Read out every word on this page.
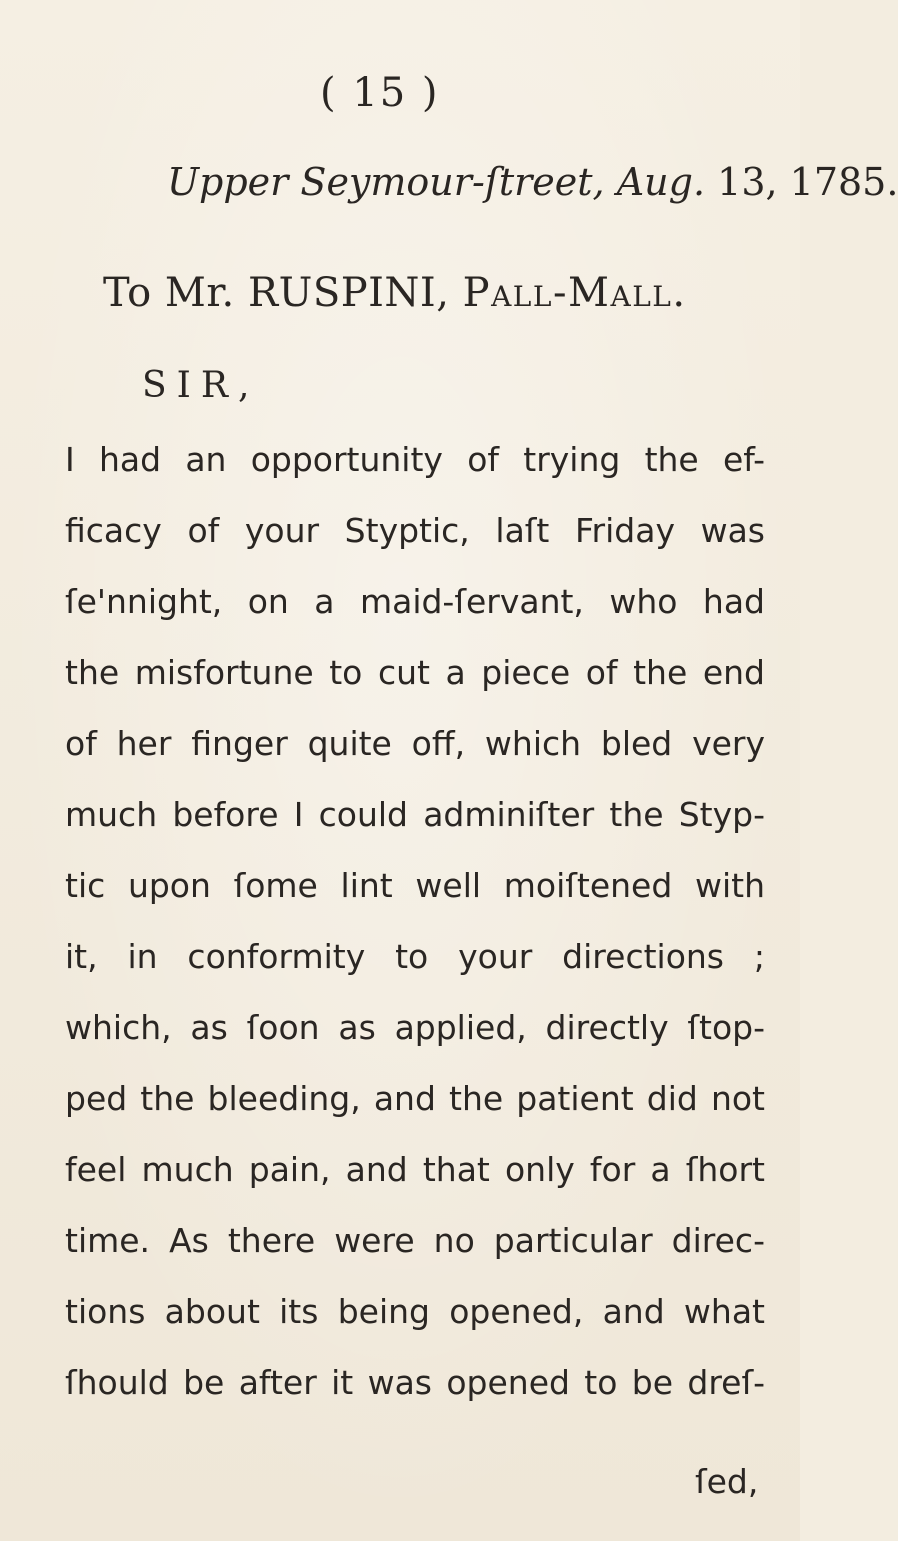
( 15 )
Upper Seymour-ſtreet, Aug. 13, 1785.
To Mr. RUSPINI, Pall-Mall.
SIR,
I had an opportunity of trying the ef-
ficacy of your Styptic, laſt Friday was
ſe'nnight, on a maid-ſervant, who had
the misfortune to cut a piece of the end
of her finger quite off, which bled very
much before I could adminiſter the Styp-
tic upon ſome lint well moiſtened with
it, in conformity to your directions ;
which, as ſoon as applied, directly ſtop-
ped the bleeding, and the patient did not
feel much pain, and that only for a ſhort
time. As there were no particular direc-
tions about its being opened, and what
ſhould be after it was opened to be dreſ-
ſed,
